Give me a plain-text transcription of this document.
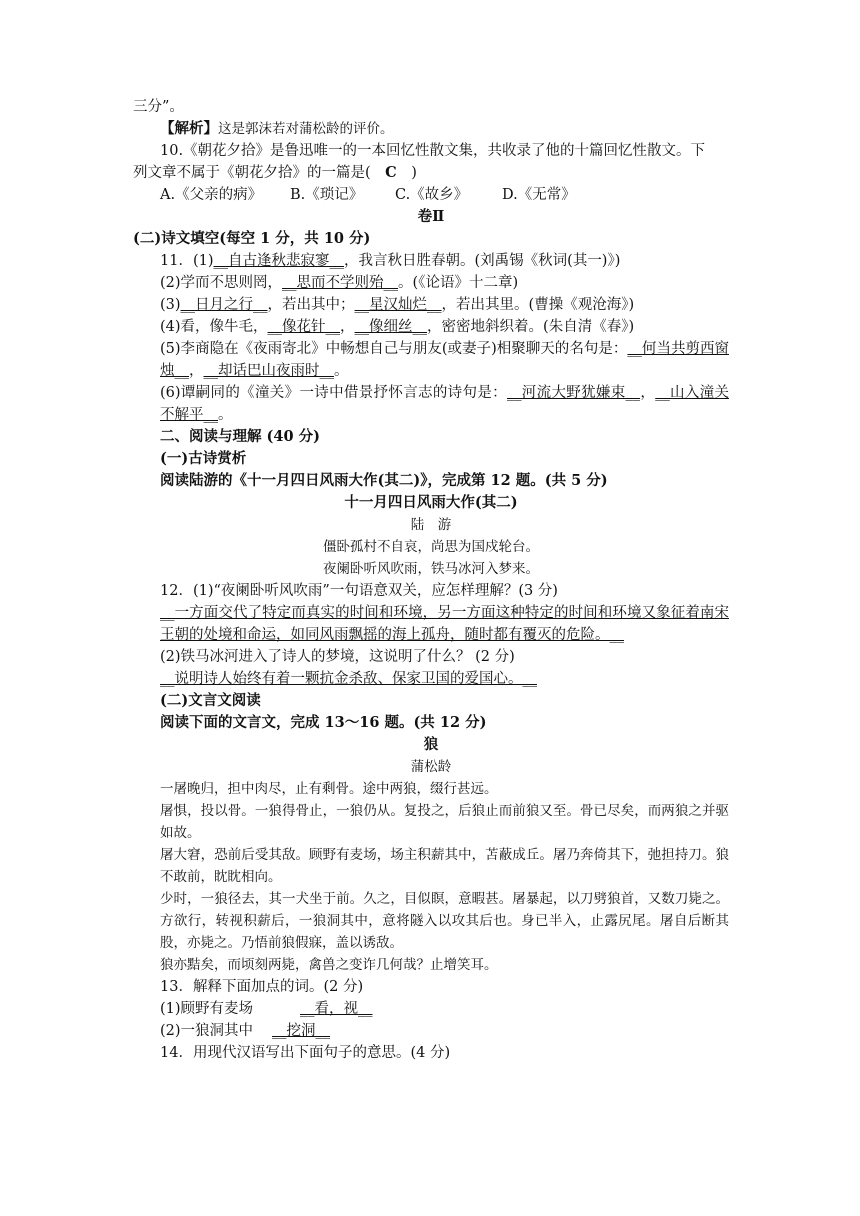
三分”。
【解析】这是郭沫若对蒲松龄的评价。
10.《朝花夕拾》是鲁迅唯一的一本回忆性散文集，共收录了他的十篇回忆性散文。下
列文章不属于《朝花夕拾》的一篇是(　C　)
A.《父亲的病》 B.《琐记》 C.《故乡》 D.《无常》
卷Ⅱ
(二)诗文填空(每空 1 分，共 10 分)
11．(1)__自古逢秋悲寂寥__，我言秋日胜春朝。(刘禹锡《秋词(其一)》)
(2)学而不思则罔，__思而不学则殆__。(《论语》十二章)
(3)__日月之行__，若出其中；__星汉灿烂__，若出其里。(曹操《观沧海》)
(4)看，像牛毛，__像花针__，__像细丝__，密密地斜织着。(朱自清《春》)
(5)李商隐在《夜雨寄北》中畅想自己与朋友(或妻子)相聚聊天的名句是：__何当共剪西窗烛__，__却话巴山夜雨时__。
(6)谭嗣同的《潼关》一诗中借景抒怀言志的诗句是：__河流大野犹嫌束__，__山入潼关不解平__。
二、阅读与理解 (40 分)
(一)古诗赏析
阅读陆游的《十一月四日风雨大作(其二)》，完成第 12 题。(共 5 分)
十一月四日风雨大作(其二)
陆　游
僵卧孤村不自哀，尚思为国戍轮台。
夜阑卧听风吹雨，铁马冰河入梦来。
12．(1)“夜阑卧听风吹雨”一句语意双关，应怎样理解？(3 分)
__一方面交代了特定而真实的时间和环境，另一方面这种特定的时间和环境又象征着南宋王朝的处境和命运，如同风雨飘摇的海上孤舟，随时都有覆灭的危险。__
(2)铁马冰河进入了诗人的梦境，这说明了什么？ (2 分)
__说明诗人始终有着一颗抗金杀敌、保家卫国的爱国心。__
(二)文言文阅读
阅读下面的文言文，完成 13～16 题。(共 12 分)
狼
蒲松龄
一屠晚归，担中肉尽，止有剩骨。途中两狼，缀行甚远。
屠惧，投以骨。一狼得骨止，一狼仍从。复投之，后狼止而前狼又至。骨已尽矣，而两狼之并驱如故。
屠大窘，恐前后受其敌。顾野有麦场，场主积薪其中，苫蔽成丘。屠乃奔倚其下，弛担持刀。狼不敢前，眈眈相向。
少时，一狼径去，其一犬坐于前。久之，目似瞑，意暇甚。屠暴起，以刀劈狼首，又数刀毙之。方欲行，转视积薪后，一狼洞其中，意将隧入以攻其后也。身已半入，止露尻尾。屠自后断其股，亦毙之。乃悟前狼假寐，盖以诱敌。
狼亦黠矣，而顷刻两毙，禽兽之变诈几何哉？止增笑耳。
13．解释下面加点的词。(2 分)
(1)顾野有麦场	__看，视__
(2)一狼洞其中 __挖洞__
14．用现代汉语写出下面句子的意思。(4 分)
